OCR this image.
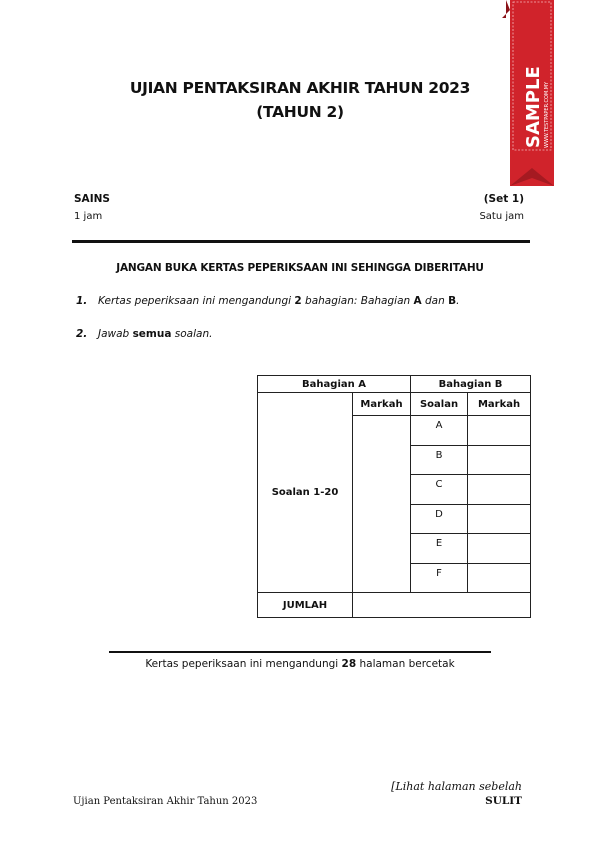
UJIAN PENTAKSIRAN AKHIR TAHUN 2023
(TAHUN 2)	SAMPLE WWW.TESTPAPER.COM.MY
SAINS
1 jam
(Set 1)
Satu jam
JANGAN BUKA KERTAS PEPERIKSAAN INI SEHINGGA DIBERITAHU
1. Kertas peperiksaan ini mengandungi 2 bahagian: Bahagian A dan B.
2. Jawab semua soalan.
Bahagian A		Bahagian B	
Soalan 1-20	Markah	Soalan	Markah
		A	
		B	
		C	
		D	
		E	
		F	
JUMLAH			
Kertas peperiksaan ini mengandungi 28 halaman bercetak
Ujian Pentaksiran Akhir Tahun 2023
[Lihat halaman sebelah
SULIT
